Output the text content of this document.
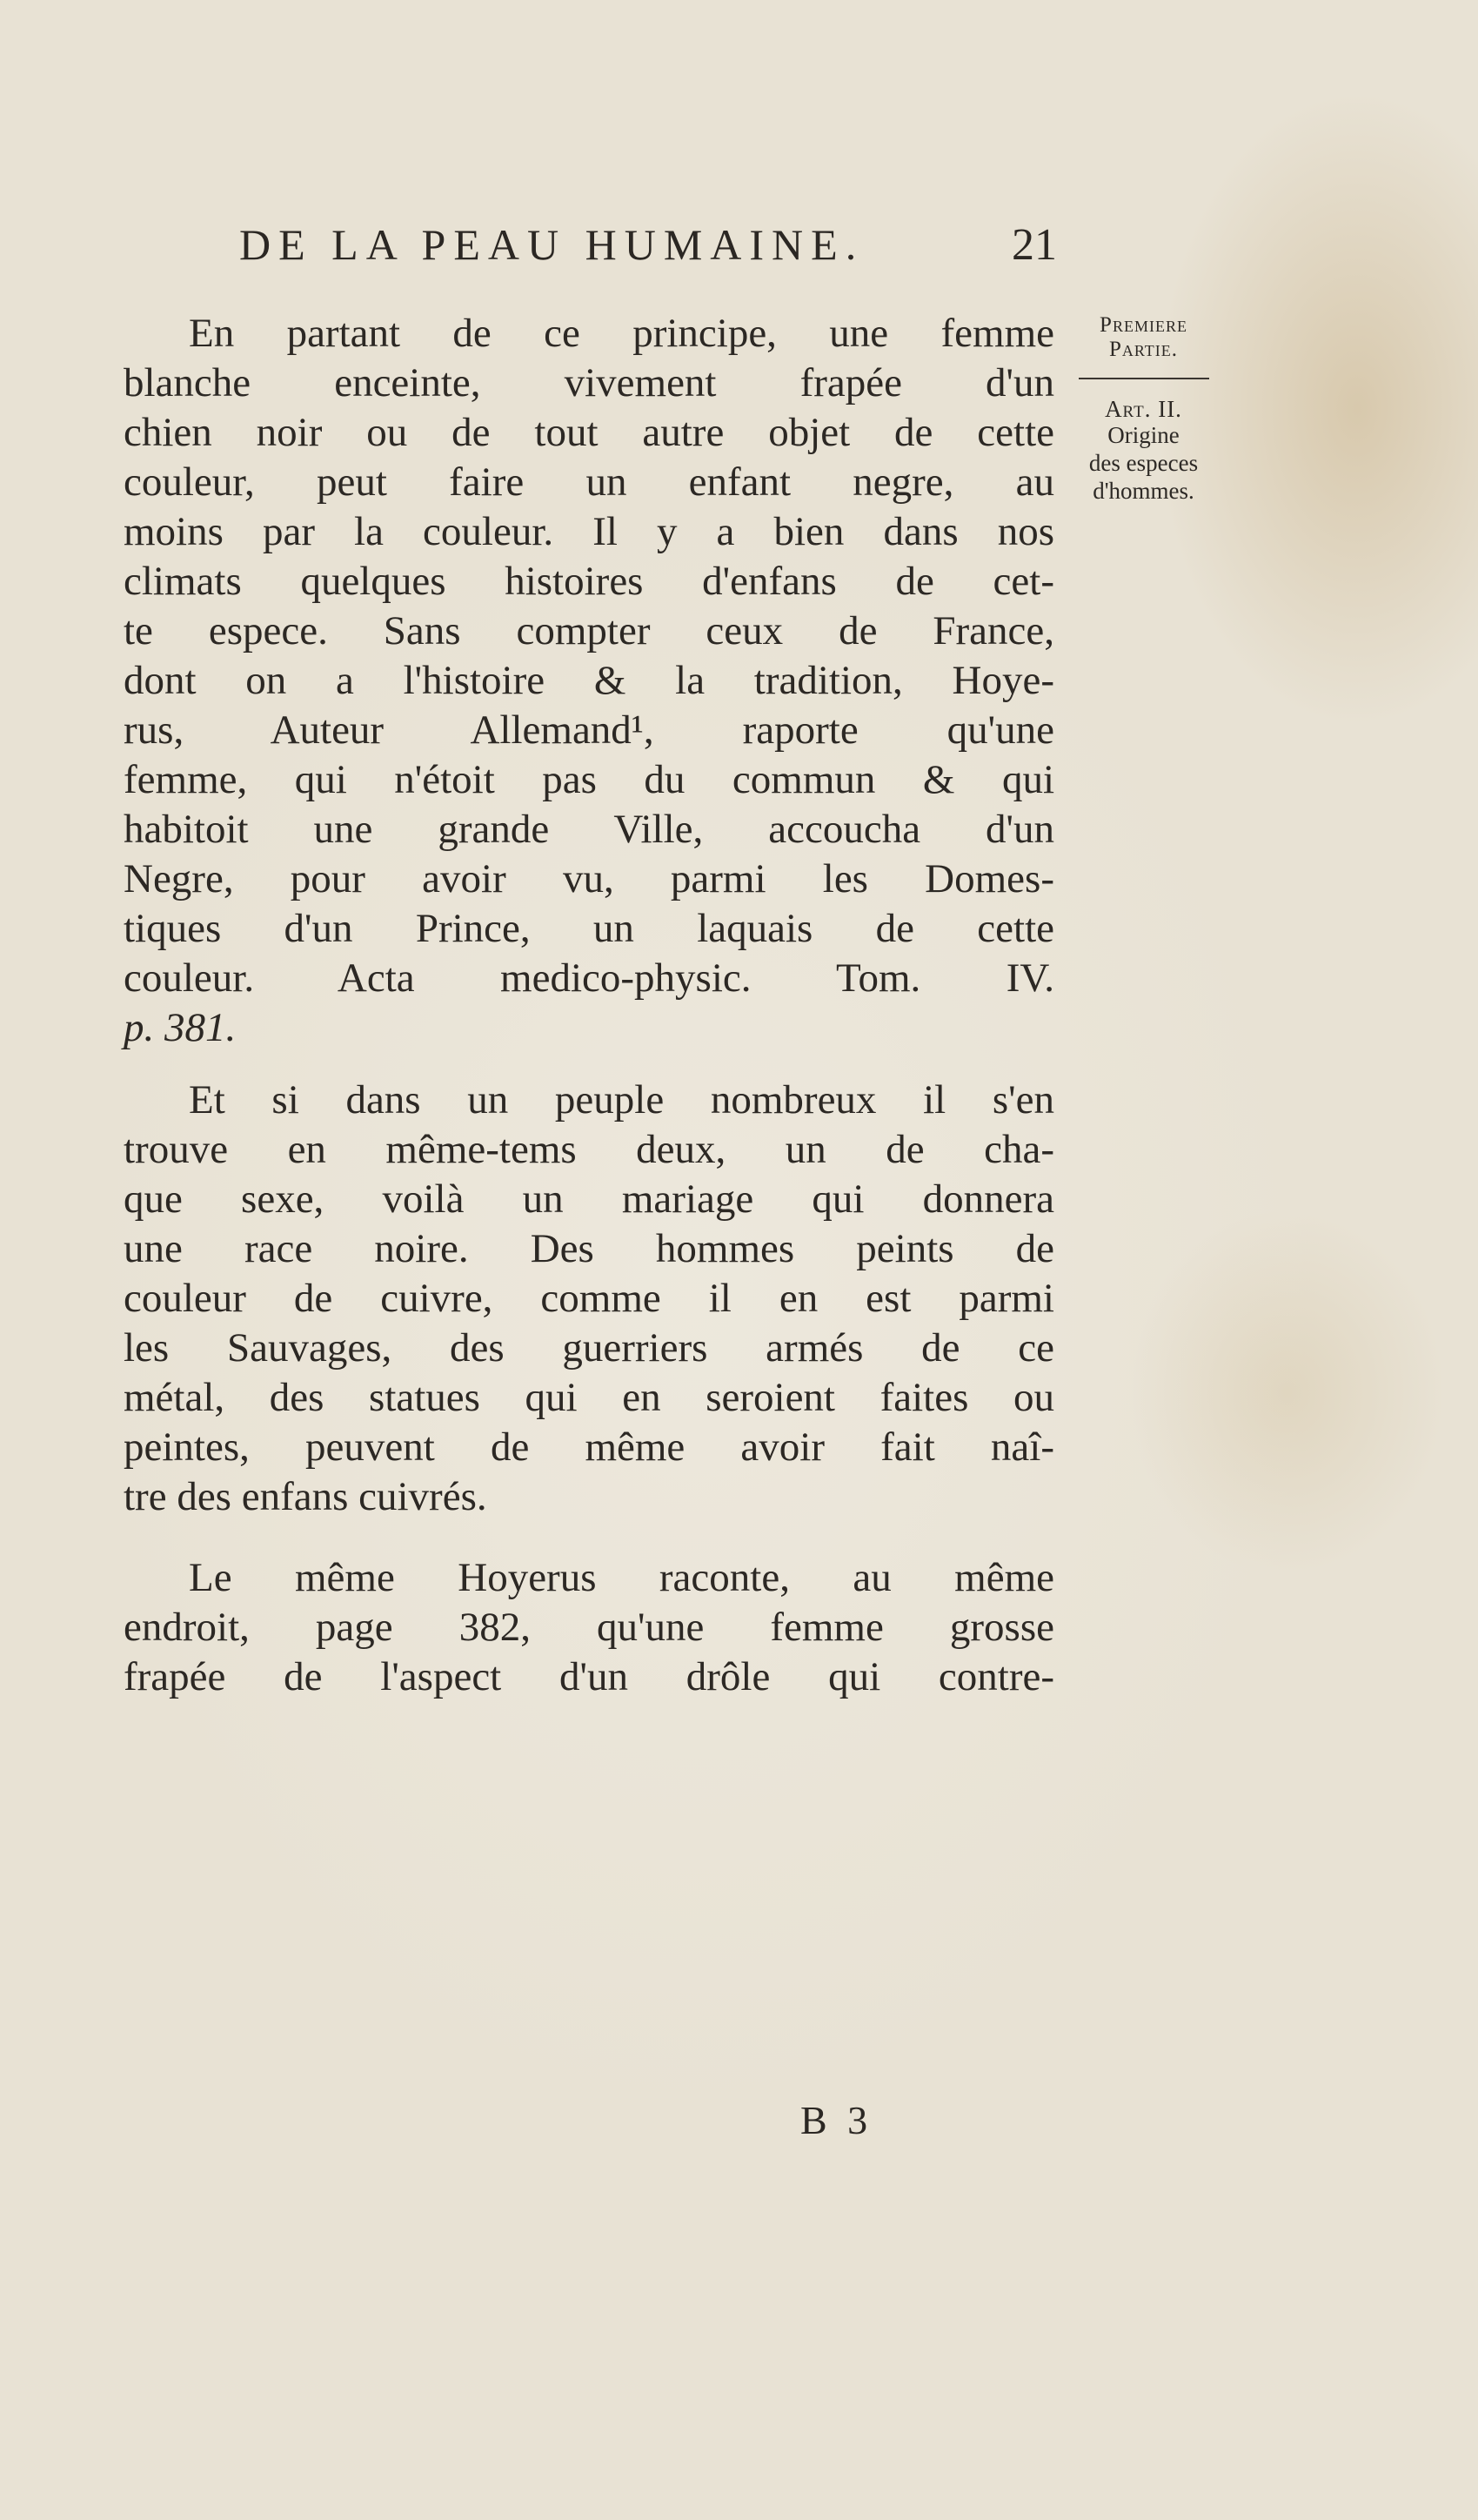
DE LA PEAU HUMAINE.	21
Premiere
Partie.
Art. II.
Origine
des especes
d'hommes.
En partant de ce principe, une femme
blanche enceinte, vivement frapée d'un
chien noir ou de tout autre objet de cette
couleur, peut faire un enfant negre, au
moins par la couleur. Il y a bien dans nos
climats quelques histoires d'enfans de cet-
te espece. Sans compter ceux de France,
dont on a l'histoire & la tradition, Hoye-
rus, Auteur Allemand¹, raporte qu'une
femme, qui n'étoit pas du commun & qui
habitoit une grande Ville, accoucha d'un
Negre, pour avoir vu, parmi les Domes-
tiques d'un Prince, un laquais de cette
couleur. Acta medico-physic. Tom. IV.
p. 381.
Et si dans un peuple nombreux il s'en
trouve en même-tems deux, un de cha-
que sexe, voilà un mariage qui donnera
une race noire. Des hommes peints de
couleur de cuivre, comme il en est parmi
les Sauvages, des guerriers armés de ce
métal, des statues qui en seroient faites ou
peintes, peuvent de même avoir fait naî-
tre des enfans cuivrés.
Le même Hoyerus raconte, au même
endroit, page 382, qu'une femme grosse
frapée de l'aspect d'un drôle qui contre-
B 3
